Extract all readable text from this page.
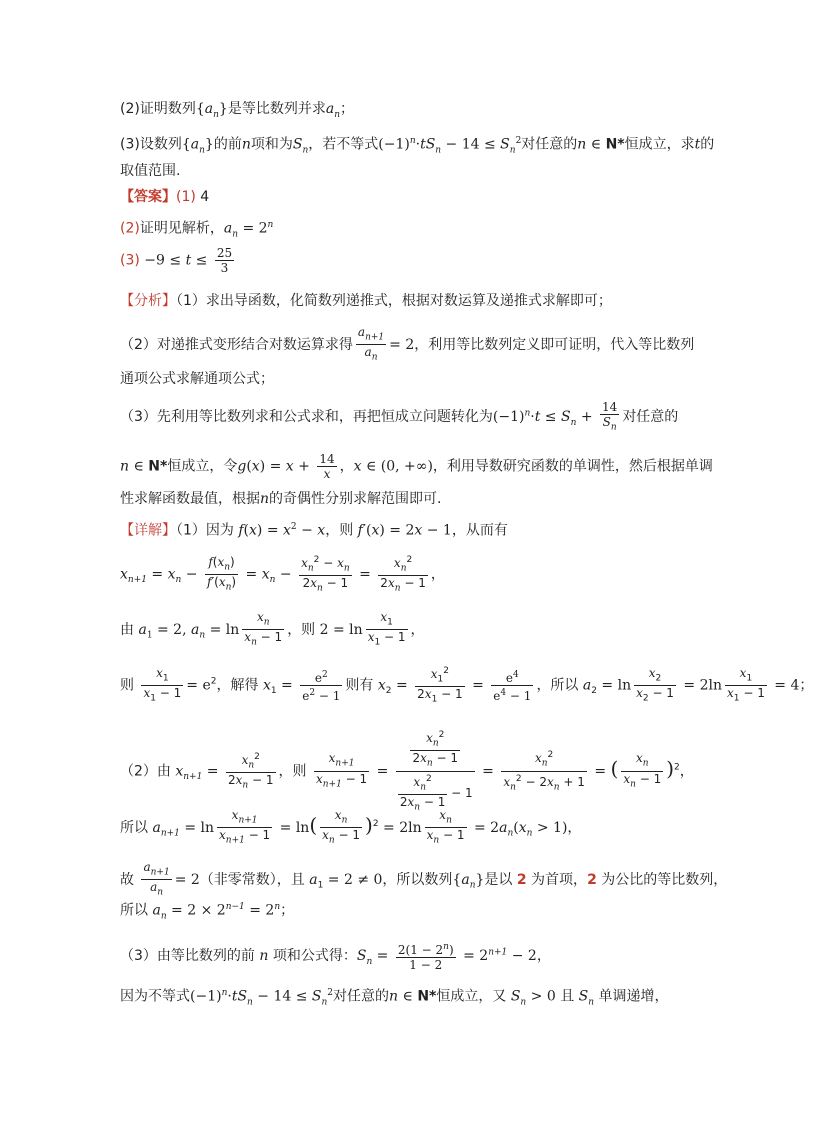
(2)证明数列$\{a_n\}$是等比数列并求$a_n$；
(3)设数列$\{a_n\}$的前n项和为$S_n$，若不等式$(-1)^n\cdot tS_n - 14 \le S_n^2$对任意的n ∈ N*恒成立，求t的
取值范围.
【答案】(1) 4
(2)证明见解析，$a_n = 2^n$
$(3) -9 \le t \le \frac{25}{3}$
【分析】（1）求出导函数，化简数列递推式，根据对数运算及递推式求解即可；
（2）对递推式变形结合对数运算求得 $\frac{a_{n+1}}{a_n} = 2$，利用等比数列定义即可证明，代入等比数列
通项公式求解通项公式；
（3）先利用等比数列求和公式求和，再把恒成立问题转化为$(-1)^n\cdot t \le S_n + \frac{14}{S_n}$ 对任意的
n ∈ N*恒成立，令$g(x) = x + \frac{14}{x}$ ，x ∈ (0, +∞)，利用导数研究函数的单调性，然后根据单调
性求解函数最值，根据n的奇偶性分别求解范围即可.
【详解】（1）因为 $f(x) = x^2 - x$，则 f′(x) = 2x − 1，从而有
$x_{n+1} = x_n - \frac{f(x_n)}{f'(x_n)} = x_n - \frac{x_n^2 - x_n}{2x_n - 1} = \frac{x_n^2}{2x_n - 1}$ ，
由 $a_1 = 2$, $a_n = \ln \frac{x_n}{x_n - 1}$ ，则 $2 = \ln \frac{x_1}{x_1 - 1}$ ，
则 $\frac{x_1}{x_1 - 1} = e^2$，解得 $x_1 = \frac{e^2}{e^2 - 1}$ 则有 $x_2 = \frac{x_1^2}{2x_1 - 1} = \frac{e^4}{e^4 - 1}$ ，所以 $a_2 = \ln \frac{x_2}{x_2 - 1} = 2\ln \frac{x_1}{x_1 - 1} = 4$；
（2）由 $x_{n+1} = \frac{x_n^2}{2x_n - 1}$ ，则 $\frac{x_{n+1}}{x_{n+1} - 1} = \frac{\frac{x_n^2}{2x_n - 1}}{\frac{x_n^2}{2x_n - 1} - 1} = \frac{x_n^2}{x_n^2 - 2x_n + 1}$ = ( $\frac{x_n}{x_n - 1} )^2$，
所以 $a_{n+1} = \ln \frac{x_{n+1}}{x_{n+1} - 1} = \ln( \frac{x_n}{x_n - 1} )^2 = 2\ln \frac{x_n}{x_n - 1} = 2a_n(x_n > 1)$，
故 $\frac{a_{n+1}}{a_n} = 2$（非零常数），且 $a_1 = 2 \ne 0$，所以数列$\{a_n\}$是以 2 为首项，2 为公比的等比数列，
所以 $a_n = 2 \times 2^{n-1} = 2^n$；
（3）由等比数列的前 n 项和公式得：$S_n = \frac{2(1 - 2^n)}{1 - 2} = 2^{n+1} - 2$，
因为不等式$(-1)^n\cdot tS_n - 14 \le S_n^2$对任意的n ∈ N*恒成立，又 $S_n > 0$ 且 $S_n$ 单调递增，
